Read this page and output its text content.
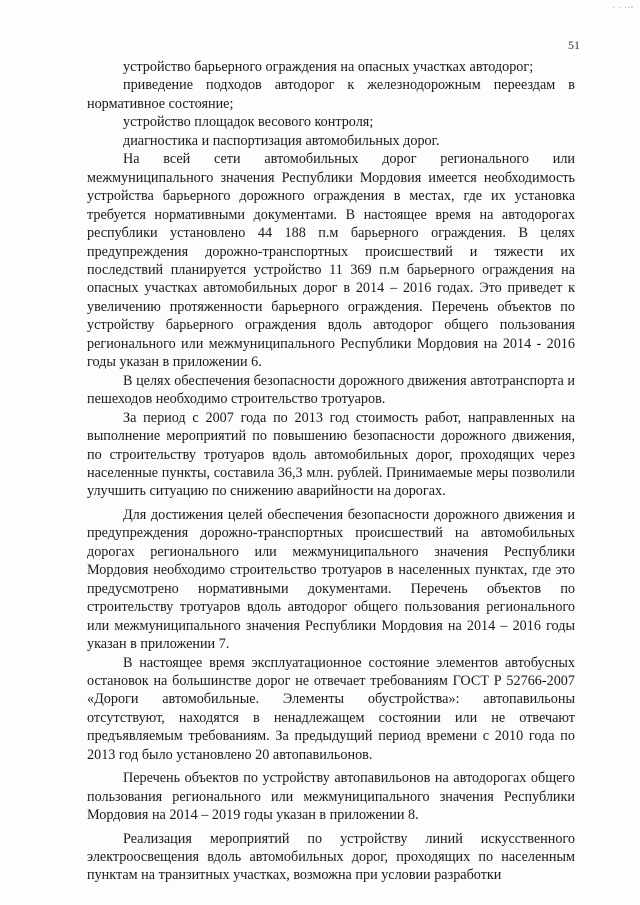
· · ··ᵉ
51

устройство барьерного ограждения на опасных участках автодорог;

приведение подходов автодорог к железнодорожным переездам в нормативное состояние;

устройство площадок весового контроля;

диагностика и паспортизация автомобильных дорог.

На всей сети автомобильных дорог регионального или межмуниципального значения Республики Мордовия имеется необходимость устройства барьерного дорожного ограждения в местах, где их установка требуется нормативными документами. В настоящее время на автодорогах республики установлено 44 188 п.м барьерного ограждения. В целях предупреждения дорожно-транспортных происшествий и тяжести их последствий планируется устройство 11 369 п.м барьерного ограждения на опасных участках автомобильных дорог в 2014 – 2016 годах. Это приведет к увеличению протяженности барьерного ограждения. Перечень объектов по устройству барьерного ограждения вдоль автодорог общего пользования регионального или межмуниципального Республики Мордовия на 2014 - 2016 годы указан в приложении 6.

В целях обеспечения безопасности дорожного движения автотранспорта и пешеходов необходимо строительство тротуаров.

За период с 2007 года по 2013 год стоимость работ, направленных на выполнение мероприятий по повышению безопасности дорожного движения, по строительству тротуаров вдоль автомобильных дорог, проходящих через населенные пункты, составила 36,3 млн. рублей. Принимаемые меры позволили улучшить ситуацию по снижению аварийности на дорогах.

Для достижения целей обеспечения безопасности дорожного движения и предупреждения дорожно-транспортных происшествий на автомобильных дорогах регионального или межмуниципального значения Республики Мордовия необходимо строительство тротуаров в населенных пунктах, где это предусмотрено нормативными документами. Перечень объектов по строительству тротуаров вдоль автодорог общего пользования регионального или межмуниципального значения Республики Мордовия на 2014 – 2016 годы указан в приложении 7.

В настоящее время эксплуатационное состояние элементов автобусных остановок на большинстве дорог не отвечает требованиям ГОСТ Р 52766-2007 «Дороги автомобильные. Элементы обустройства»: автопавильоны отсутствуют, находятся в ненадлежащем состоянии или не отвечают предъявляемым требованиям. За предыдущий период времени с 2010 года по 2013 год было установлено 20 автопавильонов.

Перечень объектов по устройству автопавильонов на автодорогах общего пользования регионального или межмуниципального значения Республики Мордовия на 2014 – 2019 годы указан в приложении 8.

Реализация мероприятий по устройству линий искусственного электроосвещения вдоль автомобильных дорог, проходящих по населенным пунктам на транзитных участках, возможна при условии разработки
